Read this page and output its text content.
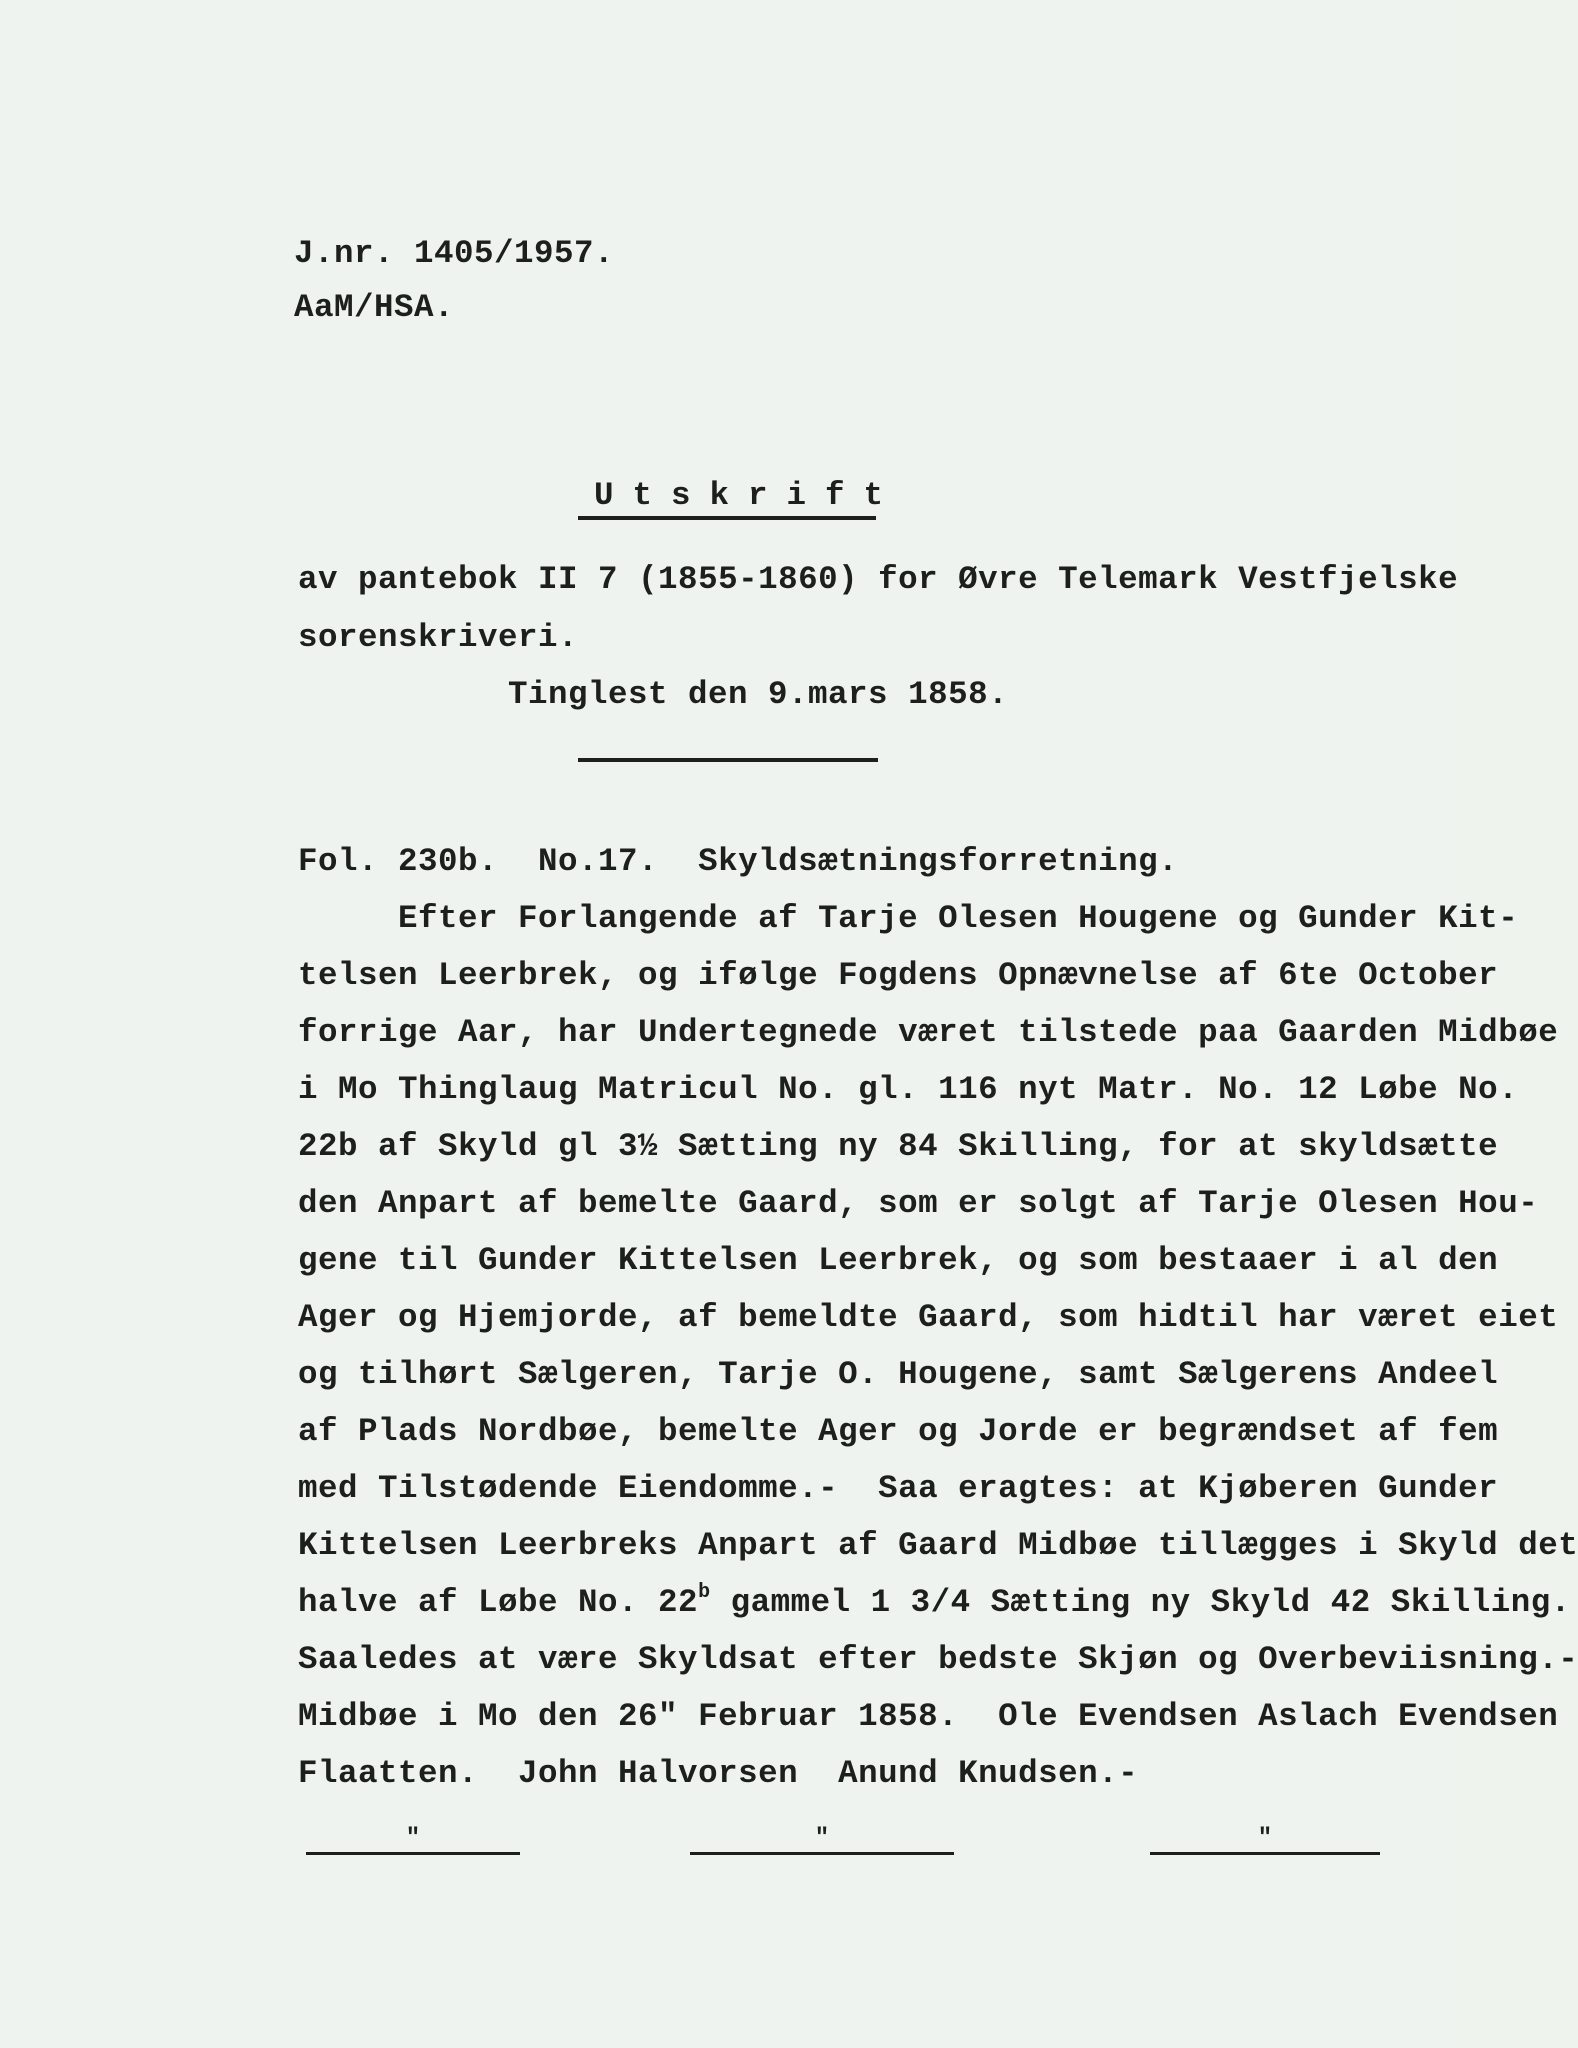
J.nr. 1405/1957.
AaM/HSA.
Utskrift
av pantebok II 7 (1855-1860) for Øvre Telemark Vestfjelske
sorenskriveri.
Tinglest den 9.mars 1858.
Fol. 230b.  No.17.  Skyldsætningsforretning.
Efter Forlangende af Tarje Olesen Hougene og Gunder Kit-
telsen Leerbrek, og ifølge Fogdens Opnævnelse af 6te October
forrige Aar, har Undertegnede været tilstede paa Gaarden Midbøe
i Mo Thinglaug Matricul No. gl. 116 nyt Matr. No. 12 Løbe No.
22b af Skyld gl 3½ Sætting ny 84 Skilling, for at skyldsætte
den Anpart af bemelte Gaard, som er solgt af Tarje Olesen Hou-
gene til Gunder Kittelsen Leerbrek, og som bestaaer i al den
Ager og Hjemjorde, af bemeldte Gaard, som hidtil har været eiet
og tilhørt Sælgeren, Tarje O. Hougene, samt Sælgerens Andeel
af Plads Nordbøe, bemelte Ager og Jorde er begrændset af fem
med Tilstødende Eiendomme.-  Saa eragtes: at Kjøberen Gunder
Kittelsen Leerbreks Anpart af Gaard Midbøe tillægges i Skyld det
halve af Løbe No. 22$^b$ gammel 1 3/4 Sætting ny Skyld 42 Skilling.
Saaledes at være Skyldsat efter bedste Skjøn og Overbeviisning.-
Midbøe i Mo den 26" Februar 1858.  Ole Evendsen Aslach Evendsen
Flaatten.  John Halvorsen  Anund Knudsen.-
"	"	"
